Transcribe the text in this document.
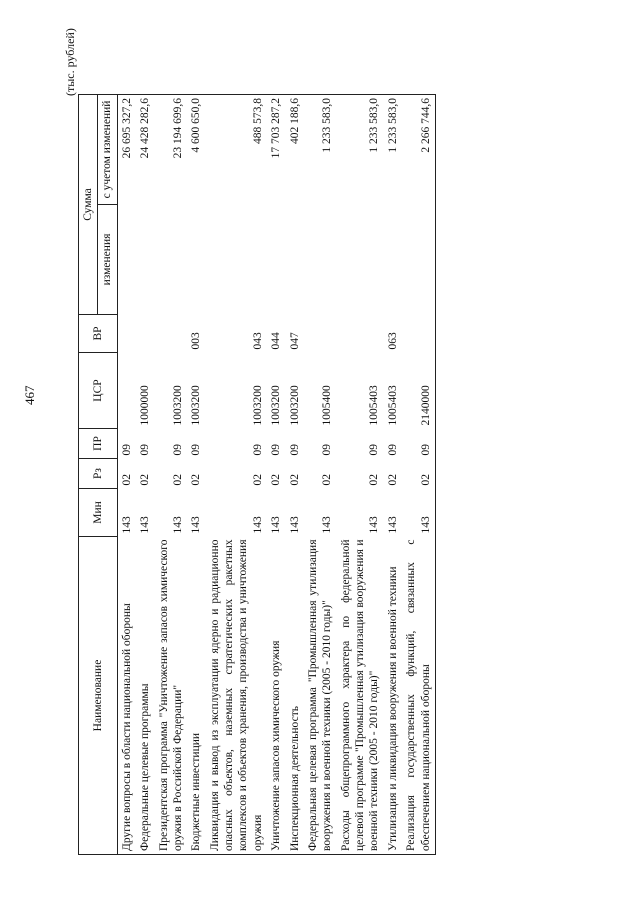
467
(тыс. рублей)
Наименование	Мин	Рз	ПР	ЦСР	ВР	Сумма	
						изменения	с учетом изменений
Другие вопросы в области национальной обороны	143	02	09				26 695 327,2
Федеральные целевые программы	143	02	09	1000000			24 428 282,6
Президентская программа "Уничтожение запасов химического оружия в Российской Федерации"	143	02	09	1003200			23 194 699,6
Бюджетные инвестиции	143	02	09	1003200	003		4 600 650,0
Ликвидация и вывод из эксплуатации ядерно и радиационно опасных объектов, наземных стратегических ракетных комплексов и объектов хранения, производства и уничтожения оружия	143	02	09	1003200	043		488 573,8
Уничтожение запасов химического оружия	143	02	09	1003200	044		17 703 287,2
Инспекционная деятельность	143	02	09	1003200	047		402 188,6
Федеральная целевая программа "Промышленная утилизация вооружения и военной техники (2005 - 2010 годы)"	143	02	09	1005400			1 233 583,0
Расходы общепрограммного характера по федеральной целевой программе "Промышленная утилизация вооружения и военной техники (2005 - 2010 годы)"	143	02	09	1005403			1 233 583,0
Утилизация и ликвидация вооружения и военной техники	143	02	09	1005403	063		1 233 583,0
Реализация государственных функций, связанных с обеспечением национальной обороны	143	02	09	2140000			2 266 744,6
